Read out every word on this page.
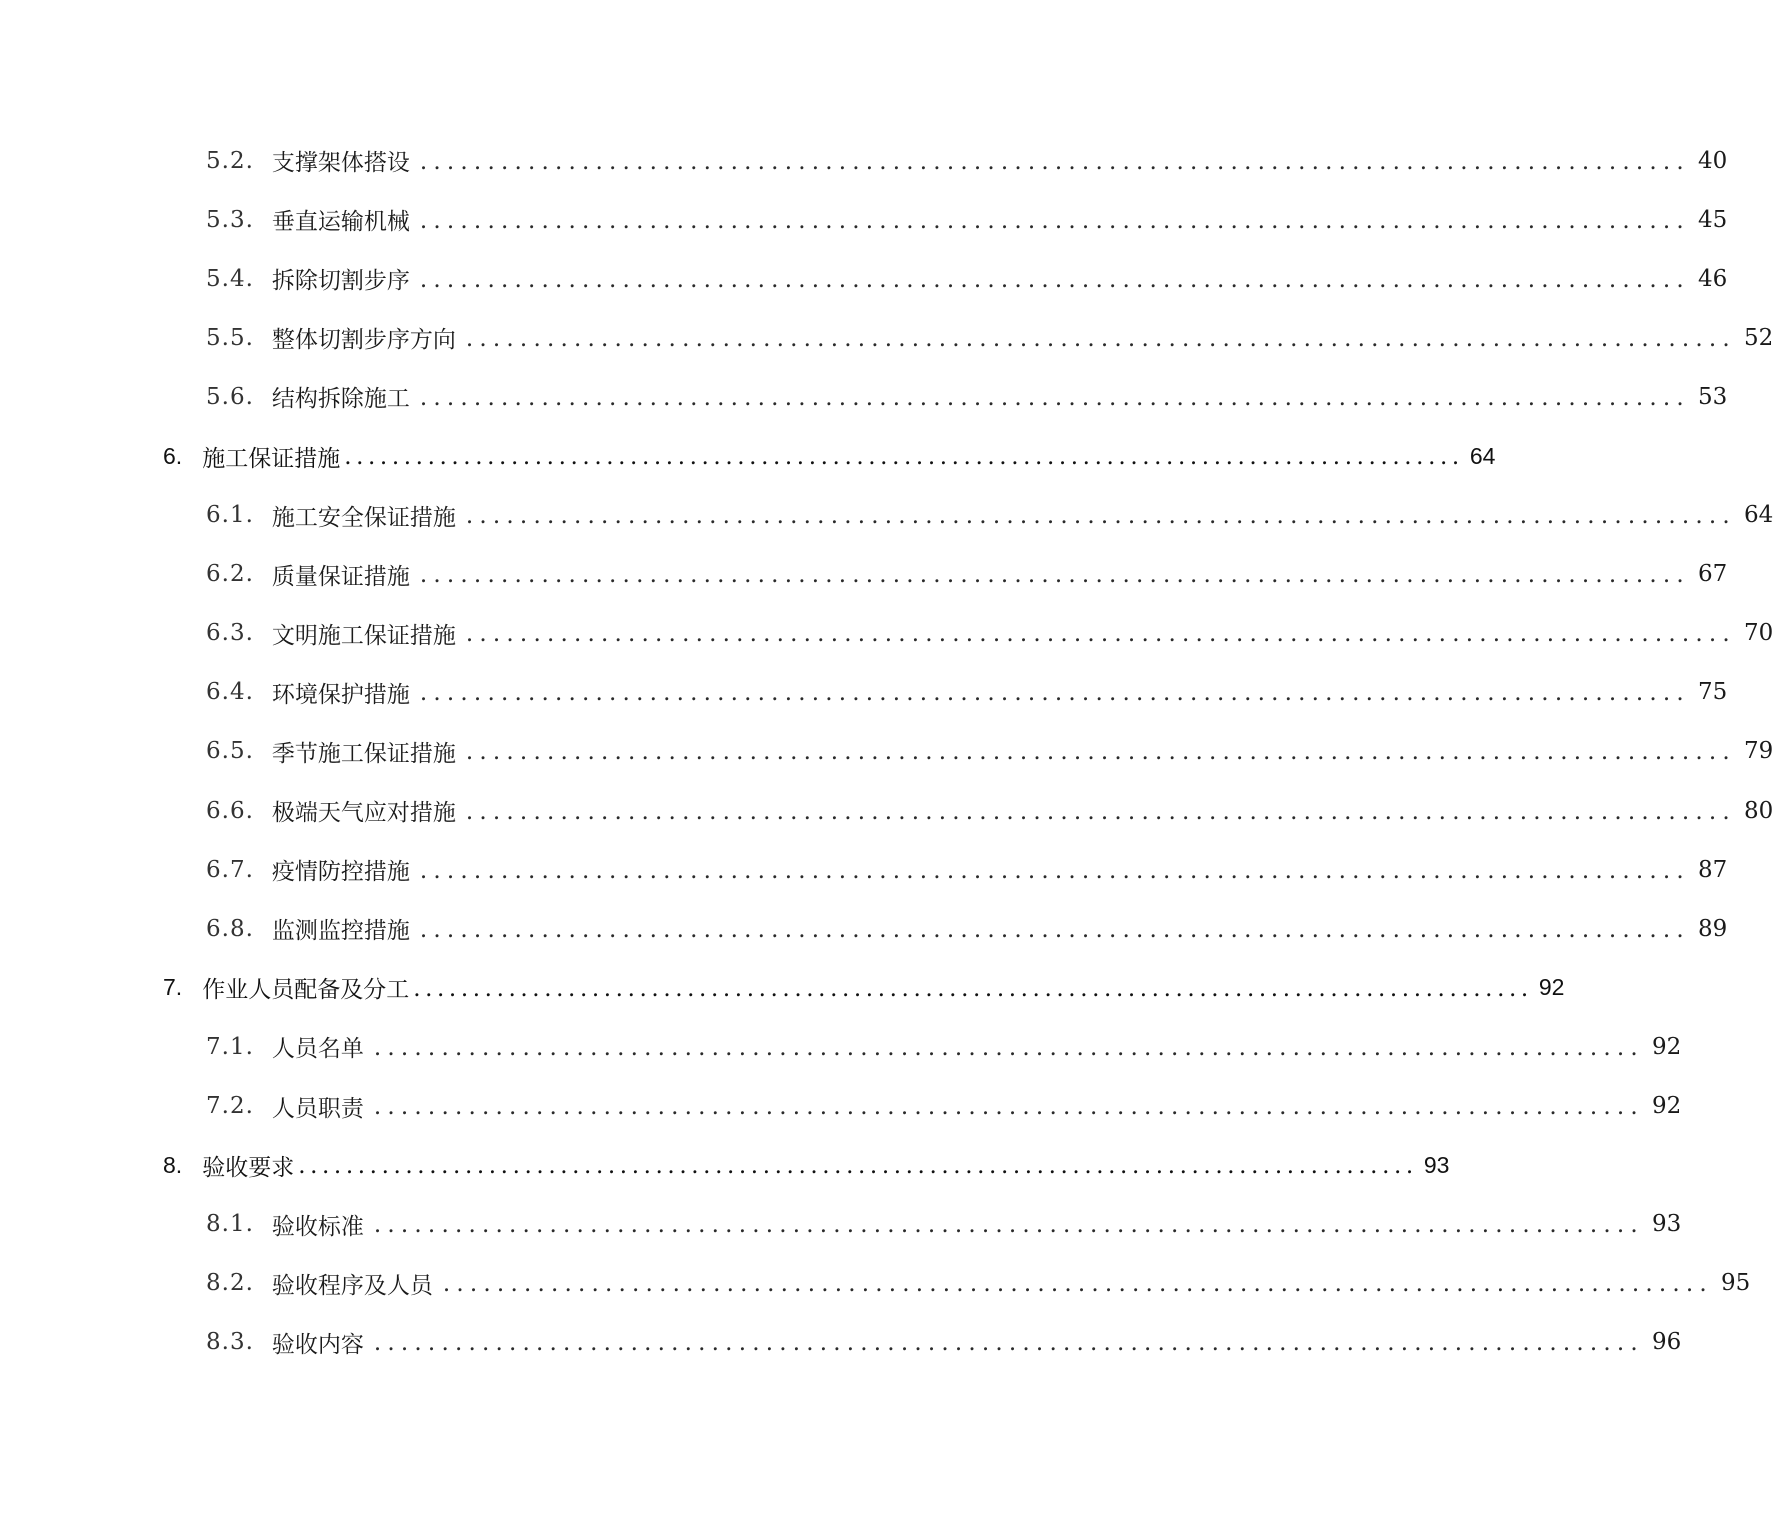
5.2. 支撑架体搭设 .............................................................................................. 40
5.3. 垂直运输机械 .............................................................................................. 45
5.4. 拆除切割步序 .............................................................................................. 46
5.5. 整体切割步序方向 .............................................................................................. 52
5.6. 结构拆除施工 .............................................................................................. 53
6. 施工保证措施 .............................................................................................. 64
6.1. 施工安全保证措施 .............................................................................................. 64
6.2. 质量保证措施 .............................................................................................. 67
6.3. 文明施工保证措施 .............................................................................................. 70
6.4. 环境保护措施 .............................................................................................. 75
6.5. 季节施工保证措施 .............................................................................................. 79
6.6. 极端天气应对措施 .............................................................................................. 80
6.7. 疫情防控措施 .............................................................................................. 87
6.8. 监测监控措施 .............................................................................................. 89
7. 作业人员配备及分工 .............................................................................................. 92
7.1. 人员名单 .............................................................................................. 92
7.2. 人员职责 .............................................................................................. 92
8. 验收要求 .............................................................................................. 93
8.1. 验收标准 .............................................................................................. 93
8.2. 验收程序及人员 .............................................................................................. 95
8.3. 验收内容 .............................................................................................. 96
